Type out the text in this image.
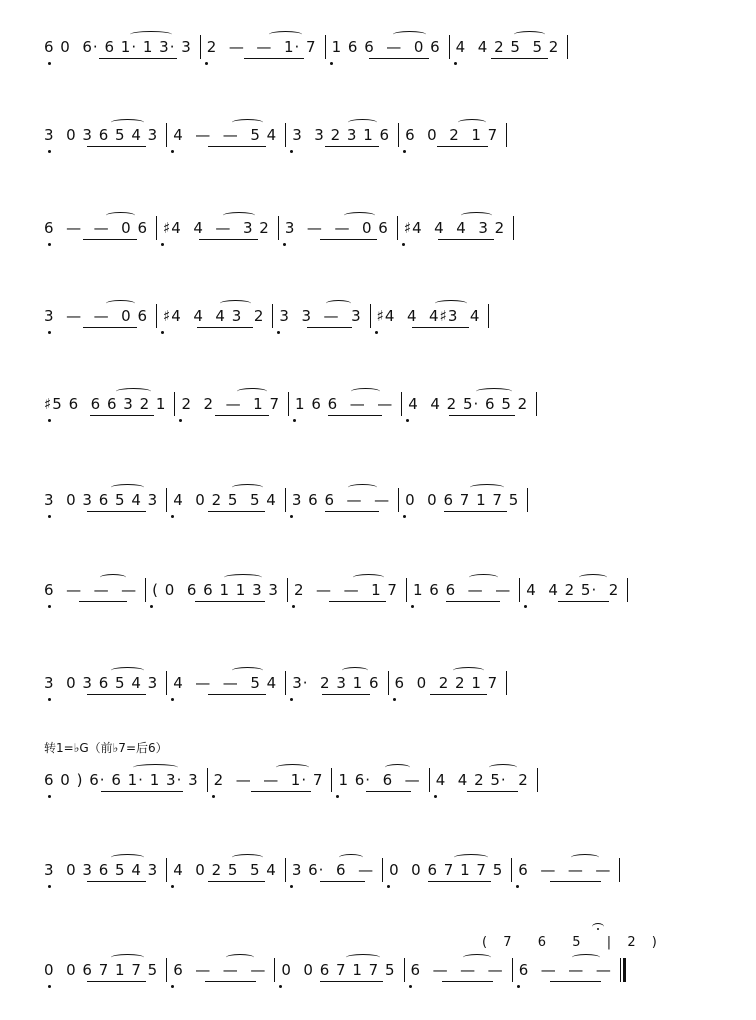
6 0  6· 6 1· 1 3· 3	2  —  —  1· 7	1 6 6  —  0 6	4  4 2 5  5 2
3  0 3 6 5 4 3	4  —  —  5 4	3  3 2 3 1 6	6  0  2  1 7
6  —  —  0 6	♯4  4  —  3 2	3  —  —  0 6	♯4  4  4  3 2
3  —  —  0 6	♯4  4  4 3  2	3  3  —  3	♯4  4  4♯3  4
♯5 6  6 6 3 2 1	2  2  —  1 7	1 6 6  —  —	4  4 2 5· 6 5 2
3  0 3 6 5 4 3	4  0 2 5  5 4	3 6 6  —  —	0  0 6 7 1 7 5
6  —  —  —	( 0  6 6 1 1 3 3	2  —  —  1 7	1 6 6  —  —	4  4 2 5·  2
3  0 3 6 5 4 3	4  —  —  5 4	3·  2 3 1 6	6  0  2 2 1 7
6 0 ) 6· 6 1· 1 3· 3	2  —  —  1· 7	1 6·  6  —	4  4 2 5·  2
3  0 3 6 5 4 3	4  0 2 5  5 4	3 6·  6  —	0  0 6 7 1 7 5	6  —  —  —
0  0 6 7 1 7 5	6  —  —  —	0  0 6 7 1 7 5	6  —  —  —	6  —  —  —
转1=♭G（前♭7=后6）
( 7  6  5  | 2 )
